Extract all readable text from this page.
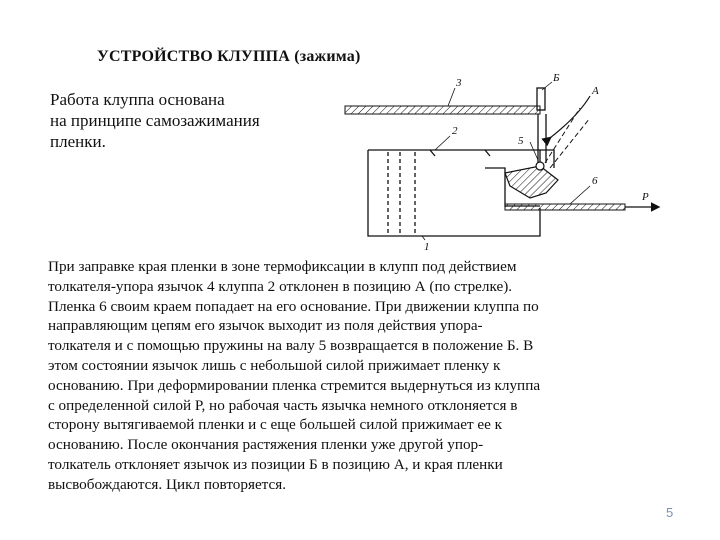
УСТРОЙСТВО КЛУППА (зажима)
Работа клуппа основана
на принципе самозажимания
пленки.
3
2
5
Б
А
6
P
1
При заправке края пленки в зоне термофиксации в клупп под действием
толкателя-упора язычок 4 клуппа 2 отклонен в позицию А (по стрелке).
Пленка 6 своим краем попадает на его основание. При движении клуппа по
направляющим цепям его язычок выходит из поля действия упора-
толкателя и с помощью пружины на валу 5 возвращается в положение Б. В
этом состоянии язычок лишь с небольшой силой прижимает пленку к
основанию. При деформировании пленка стремится выдернуться из клуппа
с определенной силой Р, но рабочая часть язычка немного отклоняется в
сторону вытягиваемой пленки и с еще большей силой прижимает ее к
основанию. После окончания растяжения пленки уже другой упор-
толкатель отклоняет язычок из позиции Б в позицию А, и края пленки
высвобождаются. Цикл повторяется.
5
